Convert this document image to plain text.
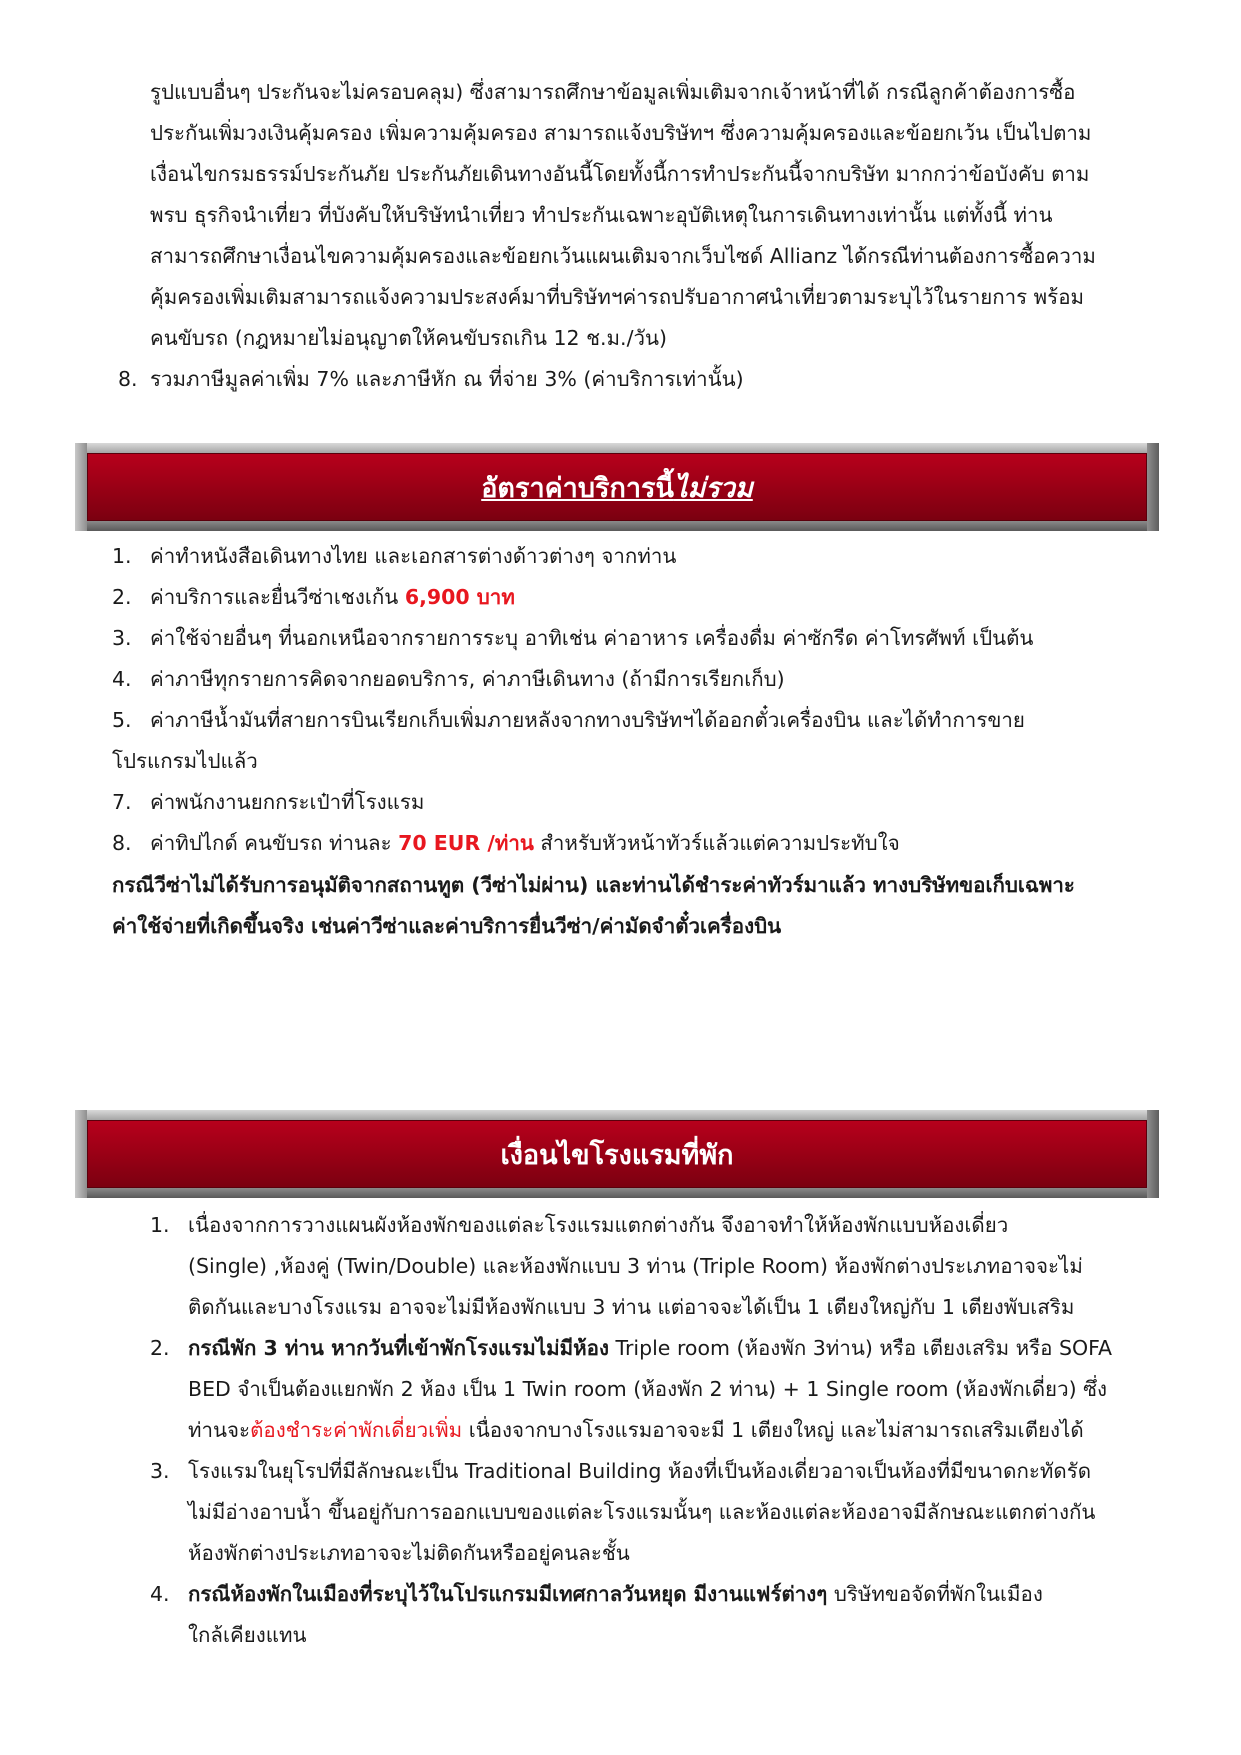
รูปแบบอื่นๆ ประกันจะไม่ครอบคลุม) ซึ่งสามารถศึกษาข้อมูลเพิ่มเติมจากเจ้าหน้าที่ได้ กรณีลูกค้าต้องการซื้อ
ประกันเพิ่มวงเงินคุ้มครอง เพิ่มความคุ้มครอง สามารถแจ้งบริษัทฯ ซึ่งความคุ้มครองและข้อยกเว้น เป็นไปตาม
เงื่อนไขกรมธรรม์ประกันภัย ประกันภัยเดินทางอันนี้โดยทั้งนี้การทำประกันนี้จากบริษัท มากกว่าข้อบังคับ ตาม
พรบ ธุรกิจนำเที่ยว ที่บังคับให้บริษัทนำเที่ยว ทำประกันเฉพาะอุบัติเหตุในการเดินทางเท่านั้น แต่ทั้งนี้ ท่าน
สามารถศึกษาเงื่อนไขความคุ้มครองและข้อยกเว้นแผนเติมจากเว็บไซด์ Allianz ได้กรณีท่านต้องการซื้อความ
คุ้มครองเพิ่มเติมสามารถแจ้งความประสงค์มาที่บริษัทฯค่ารถปรับอากาศนำเที่ยวตามระบุไว้ในรายการ พร้อม
คนขับรถ (กฎหมายไม่อนุญาตให้คนขับรถเกิน 12 ช.ม./วัน)
8. รวมภาษีมูลค่าเพิ่ม 7% และภาษีหัก ณ ที่จ่าย 3% (ค่าบริการเท่านั้น)
อัตราค่าบริการนี้ ไม่รวม
1. ค่าทำหนังสือเดินทางไทย และเอกสารต่างด้าวต่างๆ จากท่าน
2. ค่าบริการและยื่นวีซ่าเชงเก้น 6,900 บาท
3. ค่าใช้จ่ายอื่นๆ ที่นอกเหนือจากรายการระบุ อาทิเช่น ค่าอาหาร เครื่องดื่ม ค่าซักรีด ค่าโทรศัพท์ เป็นต้น
4. ค่าภาษีทุกรายการคิดจากยอดบริการ, ค่าภาษีเดินทาง (ถ้ามีการเรียกเก็บ)
5. ค่าภาษีน้ำมันที่สายการบินเรียกเก็บเพิ่มภายหลังจากทางบริษัทฯได้ออกตั๋วเครื่องบิน และได้ทำการขาย
โปรแกรมไปแล้ว
7. ค่าพนักงานยกกระเป๋าที่โรงแรม
8. ค่าทิปไกด์ คนขับรถ ท่านละ 70 EUR /ท่าน สำหรับหัวหน้าทัวร์แล้วแต่ความประทับใจ
กรณีวีซ่าไม่ได้รับการอนุมัติจากสถานทูต (วีซ่าไม่ผ่าน) และท่านได้ชำระค่าทัวร์มาแล้ว ทางบริษัทขอเก็บเฉพาะ
ค่าใช้จ่ายที่เกิดขึ้นจริง เช่นค่าวีซ่าและค่าบริการยื่นวีซ่า/ค่ามัดจำตั๋วเครื่องบิน
เงื่อนไขโรงแรมที่พัก
1. เนื่องจากการวางแผนผังห้องพักของแต่ละโรงแรมแตกต่างกัน จึงอาจทำให้ห้องพักแบบห้องเดี่ยว
(Single) ,ห้องคู่ (Twin/Double) และห้องพักแบบ 3 ท่าน (Triple Room) ห้องพักต่างประเภทอาจจะไม่
ติดกันและบางโรงแรม อาจจะไม่มีห้องพักแบบ 3 ท่าน แต่อาจจะได้เป็น 1 เตียงใหญ่กับ 1 เตียงพับเสริม
2. กรณีพัก 3 ท่าน หากวันที่เข้าพักโรงแรมไม่มีห้อง Triple room (ห้องพัก 3ท่าน) หรือ เตียงเสริม หรือ SOFA
BED จำเป็นต้องแยกพัก 2 ห้อง เป็น 1 Twin room (ห้องพัก 2 ท่าน) + 1 Single room (ห้องพักเดี่ยว) ซึ่ง
ท่านจะต้องชำระค่าพักเดี่ยวเพิ่ม เนื่องจากบางโรงแรมอาจจะมี 1 เตียงใหญ่ และไม่สามารถเสริมเตียงได้
3. โรงแรมในยุโรปที่มีลักษณะเป็น Traditional Building ห้องที่เป็นห้องเดี่ยวอาจเป็นห้องที่มีขนาดกะทัดรัด
ไม่มีอ่างอาบน้ำ ขึ้นอยู่กับการออกแบบของแต่ละโรงแรมนั้นๆ และห้องแต่ละห้องอาจมีลักษณะแตกต่างกัน
ห้องพักต่างประเภทอาจจะไม่ติดกันหรืออยู่คนละชั้น
4. กรณีห้องพักในเมืองที่ระบุไว้ในโปรแกรมมีเทศกาลวันหยุด มีงานแฟร์ต่างๆ บริษัทขอจัดที่พักในเมือง
ใกล้เคียงแทน
